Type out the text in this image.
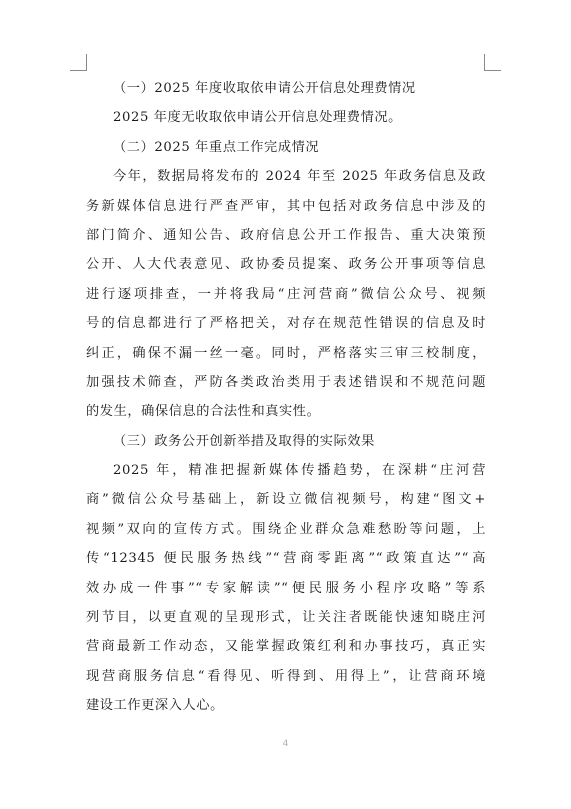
（一）2025 年度收取依申请公开信息处理费情况
2025 年度无收取依申请公开信息处理费情况。
（二）2025 年重点工作完成情况
今年，数据局将发布的 2024 年至 2025 年政务信息及政
务新媒体信息进行严查严审，其中包括对政务信息中涉及的
部门简介、通知公告、政府信息公开工作报告、重大决策预
公开、人大代表意见、政协委员提案、政务公开事项等信息
进行逐项排查，一并将我局“庄河营商”微信公众号、视频
号的信息都进行了严格把关，对存在规范性错误的信息及时
纠正，确保不漏一丝一毫。同时，严格落实三审三校制度，
加强技术筛查，严防各类政治类用于表述错误和不规范问题
的发生，确保信息的合法性和真实性。
（三）政务公开创新举措及取得的实际效果
2025 年，精准把握新媒体传播趋势，在深耕“庄河营
商”微信公众号基础上，新设立微信视频号，构建“图文+
视频”双向的宣传方式。围绕企业群众急难愁盼等问题，上
传“12345 便民服务热线”“营商零距离”“政策直达”“高
效办成一件事”“专家解读”“便民服务小程序攻略”等系
列节目，以更直观的呈现形式，让关注者既能快速知晓庄河
营商最新工作动态，又能掌握政策红利和办事技巧，真正实
现营商服务信息“看得见、听得到、用得上”，让营商环境
建设工作更深入人心。
4
